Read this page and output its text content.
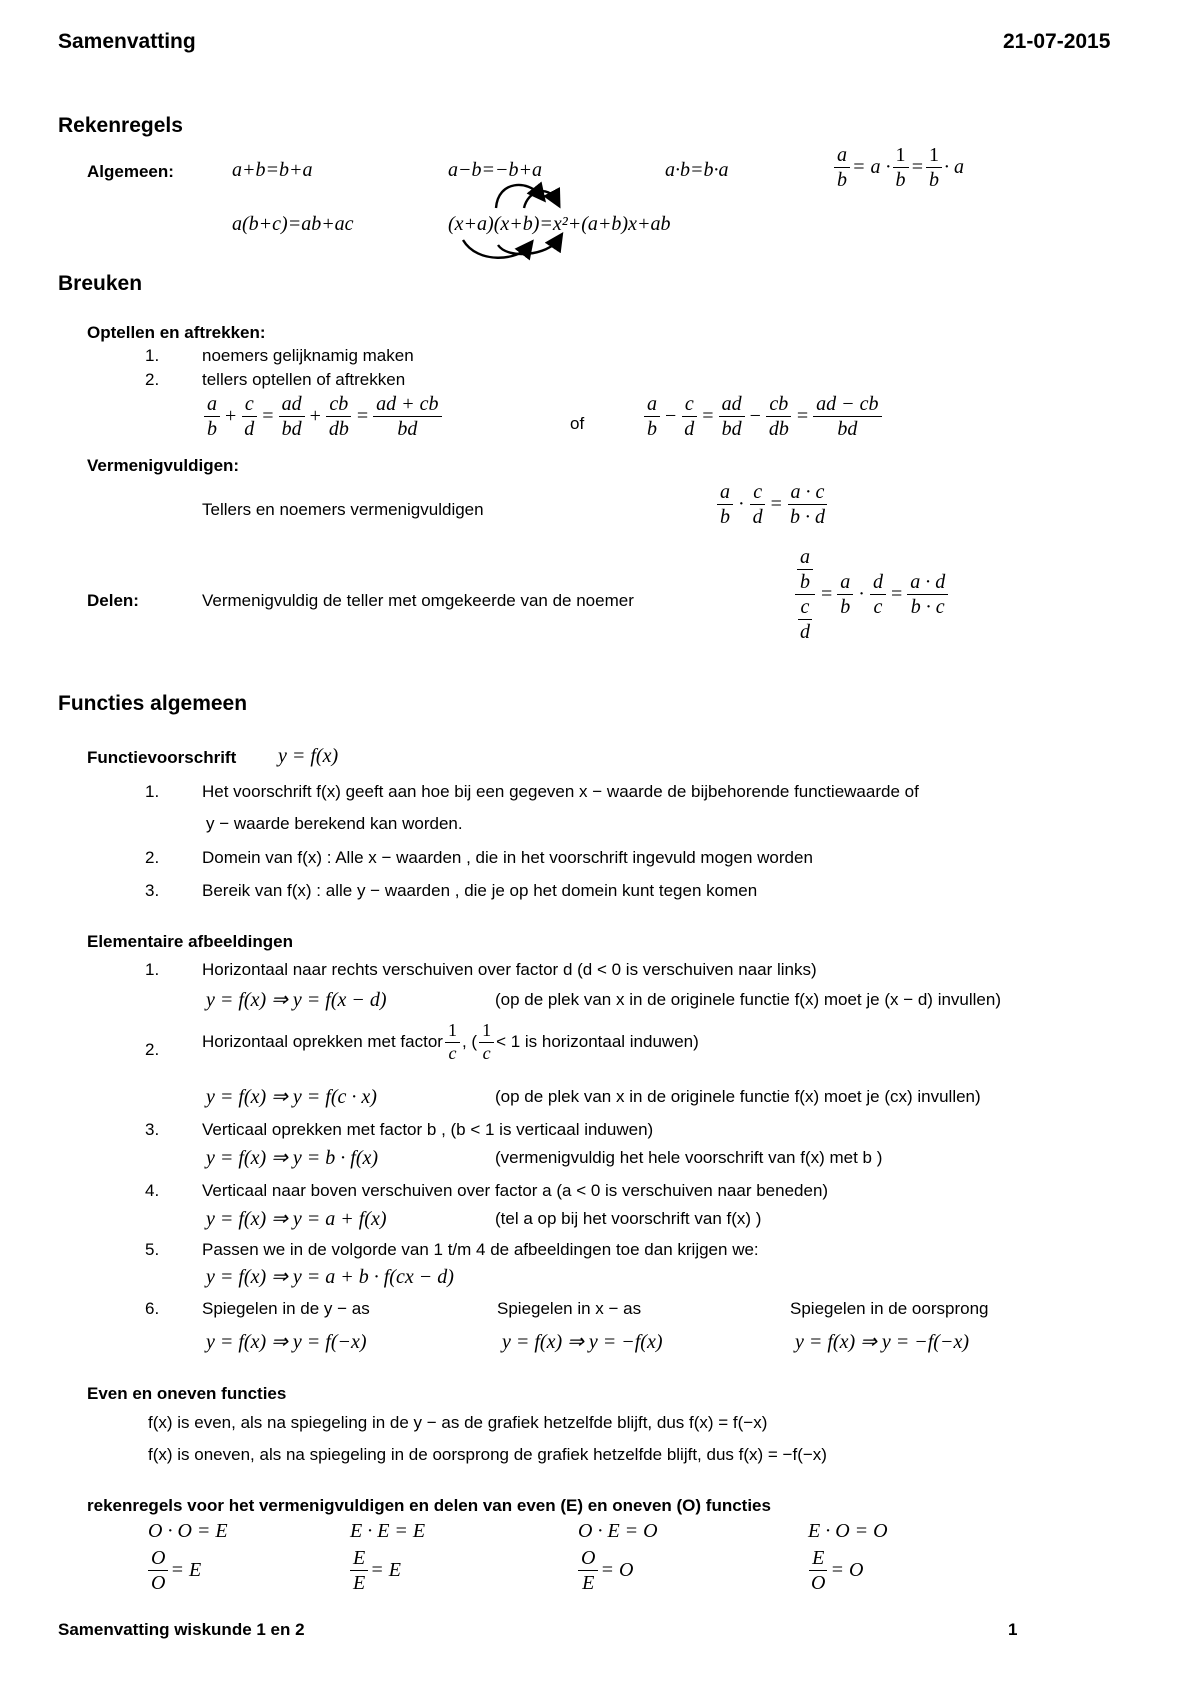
Samenvatting	21-07-2015
Rekenregels
Algemeen:	a+b=b+a	a−b=−b+a	a·b=b·a	$\frac{a}{b} = a \cdot \frac{1}{b} = \frac{1}{b} \cdot a$
a(b+c)=ab+ac	(x+a)(x+b)=x²+(a+b)x+ab
Breuken
Optellen en aftrekken:
1.	noemers gelijknamig maken
2.	tellers optellen of aftrekken
$\frac{a}{b} + \frac{c}{d} = \frac{ad}{bd} + \frac{cb}{db} = \frac{ad + cb}{bd}$	of	$\frac{a}{b} - \frac{c}{d} = \frac{ad}{bd} - \frac{cb}{db} = \frac{ad - cb}{bd}$
Vermenigvuldigen:
Tellers en noemers vermenigvuldigen	$\frac{a}{b} \cdot \frac{c}{d} = \frac{a \cdot c}{b \cdot d}$
Delen:	Vermenigvuldig de teller met omgekeerde van de noemer	$\frac{\frac{a}{b}}{\frac{c}{d}} = \frac{a}{b} \cdot \frac{d}{c} = \frac{a \cdot d}{b \cdot c}$
Functies algemeen
Functievoorschrift y = f(x)
1.	Het voorschrift f(x) geeft aan hoe bij een gegeven x − waarde de bijbehorende functiewaarde of
y − waarde berekend kan worden.
2.	Domein van f(x) : Alle x − waarden , die in het voorschrift ingevuld mogen worden
3.	Bereik van f(x) : alle y − waarden , die je op het domein kunt tegen komen
Elementaire afbeeldingen
1.	Horizontaal naar rechts verschuiven over factor d (d < 0 is verschuiven naar links)
y = f(x) ⇒ y = f(x − d)	(op de plek van x in de originele functie f(x) moet je (x − d) invullen)
2.	Horizontaal oprekken met factor $\frac{1}{c}$ , ( $\frac{1}{c} < 1$ is horizontaal induwen)
y = f(x) ⇒ y = f(c · x)	(op de plek van x in de originele functie f(x) moet je (cx) invullen)
3.	Verticaal oprekken met factor b , (b < 1 is verticaal induwen)
y = f(x) ⇒ y = b · f(x)	(vermenigvuldig het hele voorschrift van f(x) met b )
4.	Verticaal naar boven verschuiven over factor a (a < 0 is verschuiven naar beneden)
y = f(x) ⇒ y = a + f(x)	(tel a op bij het voorschrift van f(x) )
5.	Passen we in de volgorde van 1 t/m 4 de afbeeldingen toe dan krijgen we:
y = f(x) ⇒ y = a + b · f(cx − d)
6.	Spiegelen in de y − as	Spiegelen in x − as	Spiegelen in de oorsprong
y = f(x) ⇒ y = f(−x)	y = f(x) ⇒ y = −f(x)	y = f(x) ⇒ y = −f(−x)
Even en oneven functies
f(x) is even, als na spiegeling in de y − as de grafiek hetzelfde blijft, dus f(x) = f(−x)
f(x) is oneven, als na spiegeling in de oorsprong de grafiek hetzelfde blijft, dus f(x) = −f(−x)
rekenregels voor het vermenigvuldigen en delen van even (E) en oneven (O) functies
O · O = E	E · E = E	O · E = O	E · O = O
$\frac{O}{O} = E$	$\frac{E}{E} = E$	$\frac{O}{E} = O$	$\frac{E}{O} = O$
Samenvatting wiskunde 1 en 2	1
